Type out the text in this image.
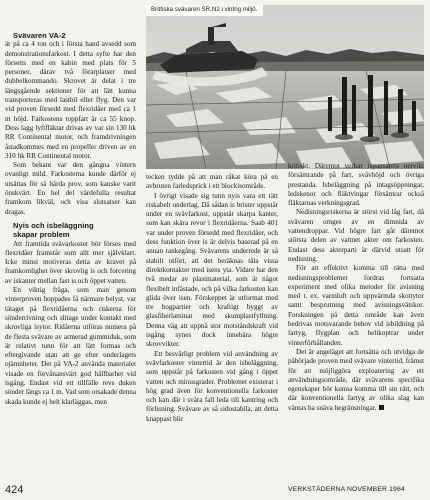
Brittiska svävaren SR.N2 i vintrig miljö.

Svävaren VA-2

är på ca 4 ton och i första hand avsedd som demonstrationsfarkost. I detta syfte har den försetts med en kabin med plats för 5 personer, därav två förarplatser med dubbelkommando. Skrovet är delat i tre längsgående sektioner för att lätt kunna transporteras med lastbil eller flyg. Den var vid proven försedd med flexridåer med ca 1 m höjd. Farkostens toppfart är ca 55 knop. Dess lagg lyftfläktar drivas av var sin 130 hk RR Continental motor, och framdrivningen åstadkommes med en propeller driven av en 310 hk RR Continental motor.

Som bekant var den gångna vintern ovanligt mild. Farkosterna kunde därför ej utsättas för så hårda prov, som kanske varit önskvärt. En hel del värdefulla resultat framkom likväl, och visa slutsatser kan dragas.

Nyis och isbeläggning

skapar problem

Att framtida svävarkoster bör förses med flexridåer framstår som allt mer självklart. Icke minst motiveras detta av kravet på framkomlighet över skrovlig is och forcering av iskanter mellan fast is och öppet vatten.

En viktig fråga, som man genom vinterproven hoppades få närmare belyst, var tätaget på flexridåerna och riskerna för sönderrivning och slitage under kontakt med skrovliga isytor. Ridåerna utföras numera på de flesta svävare av armerad gummiduk, som är relativt tunn för att lätt formas och eftergivande utan att ge efter underlagets ojämnheter. Det på VA-2 använda materialet visade en förvånansvärt god hållbarhet vid isgång. Endast vid ett tillfälle revs duken sönder längs ca 1 m. Vad som orsakade denna skada kunde ej helt klarläggas, men

tecken tydde på att man råkat köra på en avbruten farledsprick i ett blockisområde.

I övrigt visade sig tunn nyis vara ett rätt riskabelt underlag. Då sådan is brister uppstår under en svävfarkost, uppstår skarpa kanter, som kan skära revor i flexridåerna. Saab 401 var under proven försedd med flexridåer, och dess funktion över is är delvis baserad på en annan tankegång. Svävarens underrede är så stabilt utfört, att det beräknas tåla vissa direktkontakter med isens yta. Vidare har den två medar av plastmaterial, som är något flexibelt infästade, och på vilka farkosten kan glida över isen. Förskeppet är utformat med tre bogpartier och kraftigt byggt av glasfiberlaminat med skumplastfyllning. Denna väg att uppnå stor motståndskraft vid isgång synes dock innebära högre skrovvikter.

Ett besvärligt problem vid användning av svävfarkoster vintertid är den isbeläggning, som uppstår på farkosten vid gång i öppet vatten och minusgrader. Problemet existerar i hög grad även för konventionella farkoster och kan där i svåra fall leda till kantring och förlisning. Svävare av så sidostabila, att detta knappast blir

kritiskt. Däremot verkar ispansarets nervikt försämrande på fart, svävhöjd och övriga prestanda. Isbeläggning på intagsöppningar, ledskenor och fläktvingar försämrar också fläktarnas verkningsgrad.

Nedisningsriskerna är störst vid låg fart, då svävaren omges av en dimnida av vattendroppar. Vid högre fart går däremot största delen av vattnet akter om farkosten. Endast dess akterparti är därvid utsatt för nedisning.

För att effektivt komma till rätta med nedisningsproblemet fordras fortsatta experiment med olika metoder för avisning med t. ex. varmluft och uppvärmda skottytor samt besprutning med avisningsvätskor. Forskningen på detta område kan även bedrivas motsvarande behov vid isbildning på fartyg, flygplan och helikoptrar under vinterförhållanden.

Det är angeläget att fortsätta och utvidga de påbörjade proven med svävare vintertid, främst för att möjliggöra exploatering av ett användningsområde, där svävarens specifika egenskaper bör kunna komma till sin rätt, och där konventionella fartyg av olika slag kan väntas ha snäva begränsningar.

424	VERKSTÄDERNA NOVEMBER 1964
